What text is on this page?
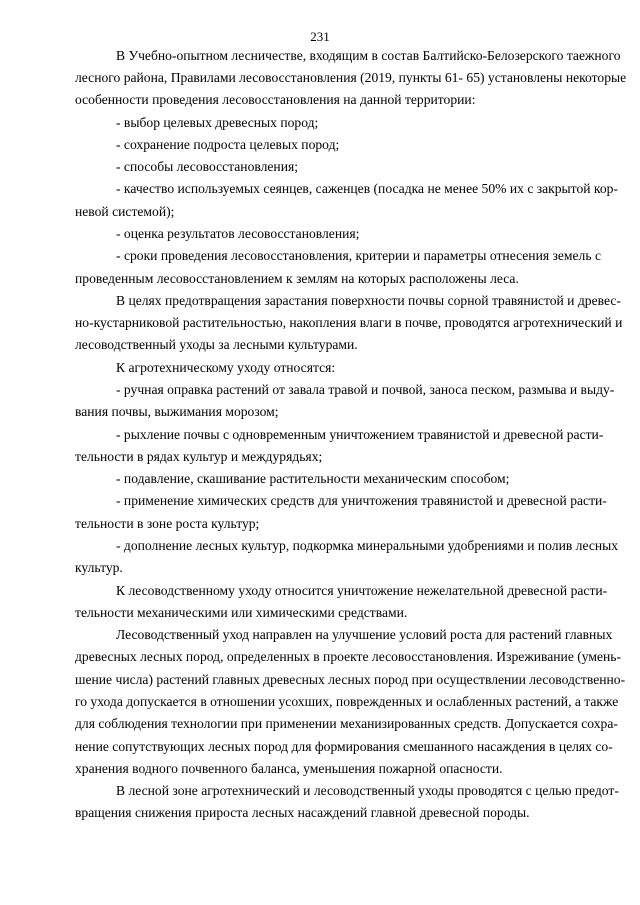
231

В Учебно-опытном лесничестве, входящим в состав Балтийско-Белозерского таежного

лесного района, Правилами лесовосстановления (2019, пункты 61- 65) установлены некоторые

особенности проведения лесовосстановления на данной территории:

- выбор целевых древесных пород;

- сохранение подроста целевых пород;

- способы лесовосстановления;

- качество используемых сеянцев, саженцев (посадка не менее 50% их с закрытой кор-

невой системой);

- оценка результатов лесовосстановления;

- сроки проведения лесовосстановления, критерии и параметры отнесения земель с

проведенным лесовосстановлением к землям на которых расположены леса.

В целях предотвращения зарастания поверхности почвы сорной травянистой и древес-

но-кустарниковой растительностью, накопления влаги в почве, проводятся агротехнический и

лесоводственный уходы за лесными культурами.

К агротехническому уходу относятся:

- ручная оправка растений от завала травой и почвой, заноса песком, размыва и выду-

вания почвы, выжимания морозом;

- рыхление почвы с одновременным уничтожением травянистой и древесной расти-

тельности в рядах культур и междурядьях;

- подавление, скашивание растительности механическим способом;

- применение химических средств для уничтожения травянистой и древесной расти-

тельности в зоне роста культур;

- дополнение лесных культур, подкормка минеральными удобрениями и полив лесных

культур.

К лесоводственному уходу относится уничтожение нежелательной древесной расти-

тельности механическими или химическими средствами.

Лесоводственный уход направлен на улучшение условий роста для растений главных

древесных лесных пород, определенных в проекте лесовосстановления. Изреживание (умень-

шение числа) растений главных древесных лесных пород при осуществлении лесоводственно-

го ухода допускается в отношении усохших, поврежденных и ослабленных растений, а также

для соблюдения технологии при применении механизированных средств. Допускается сохра-

нение сопутствующих лесных пород для формирования смешанного насаждения в целях со-

хранения водного почвенного баланса, уменьшения пожарной опасности.

В лесной зоне агротехнический и лесоводственный уходы проводятся с целью предот-

вращения снижения прироста лесных насаждений главной древесной породы.
